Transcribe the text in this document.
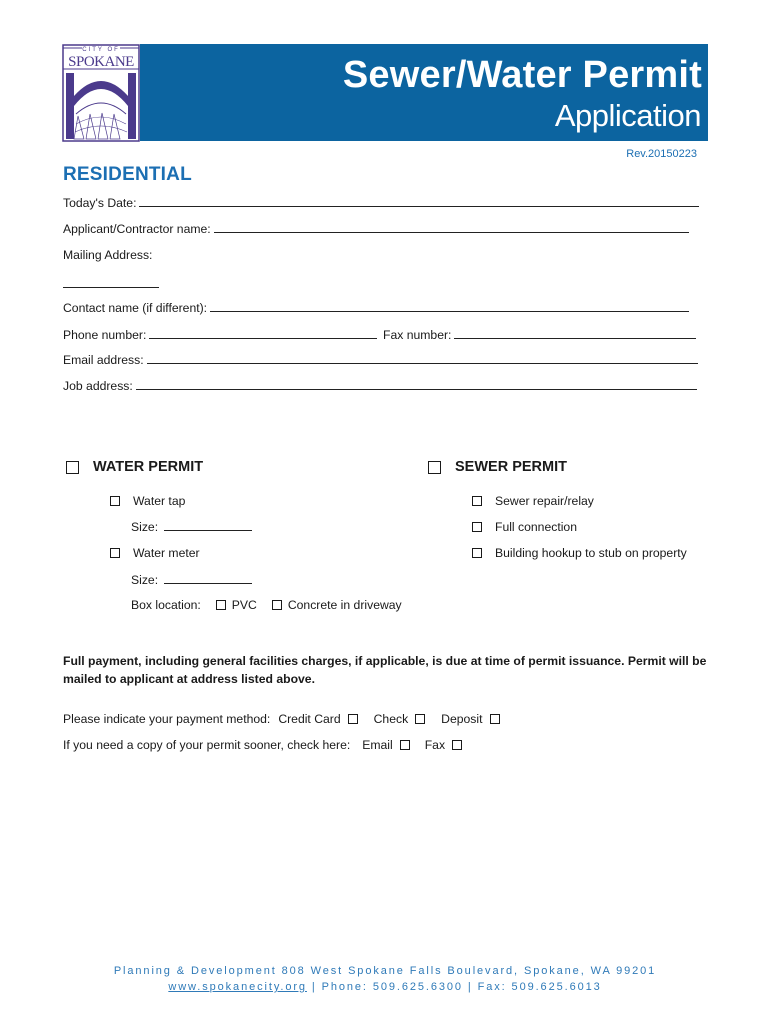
CITY OF
SPOKANE	Sewer/Water Permit
Application
Rev.20150223
RESIDENTIAL
Today's Date:
Applicant/Contractor name:
Mailing Address:
Contact name (if different):
Phone number:	Fax number:
Email address:
Job address:
WATER PERMIT
Water tap
Size:
Water meter
Size:
Box location:	PVC	Concrete in driveway
SEWER PERMIT
Sewer repair/relay
Full connection
Building hookup to stub on property
Full payment, including general facilities charges, if applicable, is due at time of permit issuance. Permit will be mailed to applicant at address listed above.
Please indicate your payment method: Credit Card	Check	Deposit
If you need a copy of your permit sooner, check here: Email	Fax
Planning & Development 808 West Spokane Falls Boulevard, Spokane, WA 99201
www.spokanecity.org | Phone: 509.625.6300 | Fax: 509.625.6013
